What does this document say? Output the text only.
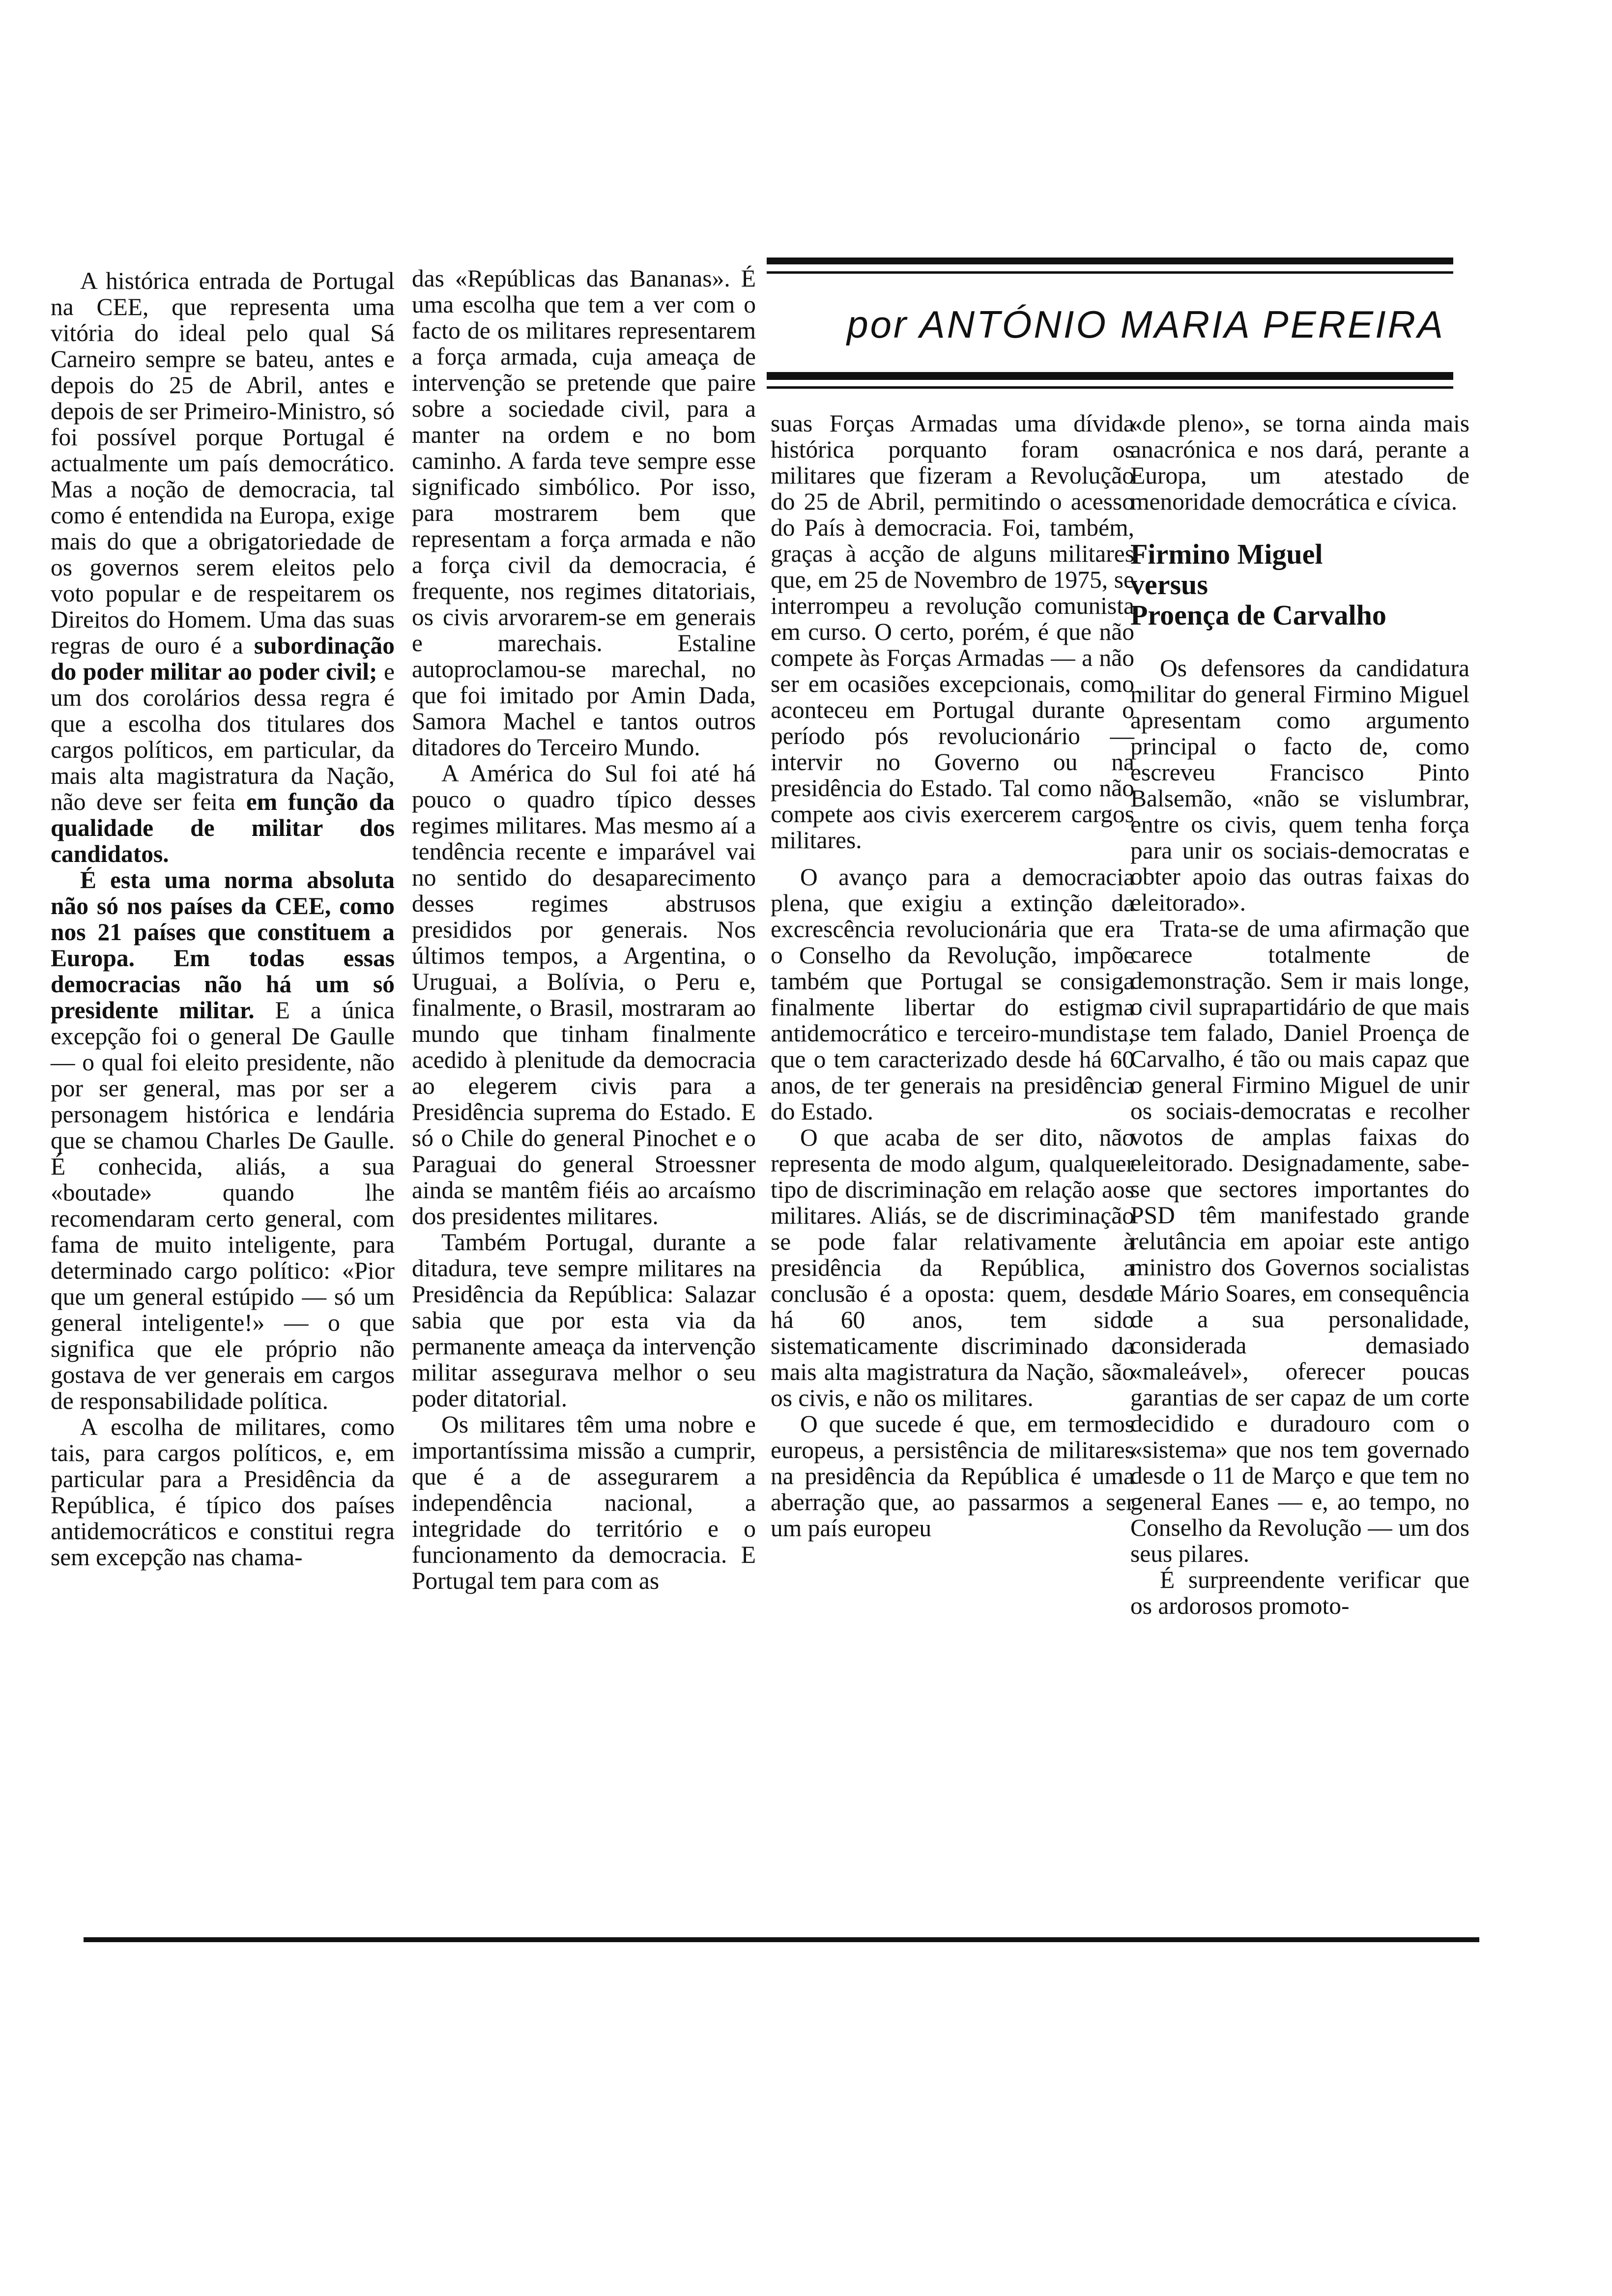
por ANTÓNIO MARIA PEREIRA

A histórica entrada de Portugal na CEE, que representa uma vitória do ideal pelo qual Sá Carneiro sempre se bateu, antes e depois do 25 de Abril, antes e depois de ser Primeiro-Ministro, só foi possível porque Portugal é actualmente um país democrático. Mas a noção de democracia, tal como é entendida na Europa, exige mais do que a obrigatoriedade de os governos serem eleitos pelo voto popular e de respeitarem os Direitos do Homem. Uma das suas regras de ouro é a subordinação do poder militar ao poder civil; e um dos corolários dessa regra é que a escolha dos titulares dos cargos políticos, em particular, da mais alta magistratura da Nação, não deve ser feita em função da qualidade de militar dos candidatos.

É esta uma norma absoluta não só nos países da CEE, como nos 21 países que constituem a Europa. Em todas essas democracias não há um só presidente militar. E a única excepção foi o general De Gaulle — o qual foi eleito presidente, não por ser general, mas por ser a personagem histórica e lendária que se chamou Charles De Gaulle. É conhecida, aliás, a sua «boutade» quando lhe recomendaram certo general, com fama de muito inteligente, para determinado cargo político: «Pior que um general estúpido — só um general inteligente!» — o que significa que ele próprio não gostava de ver generais em cargos de responsabilidade política.

A escolha de militares, como tais, para cargos políticos, e, em particular para a Presidência da República, é típico dos países antidemocráticos e constitui regra sem excepção nas chama-

das «Repúblicas das Bananas». É uma escolha que tem a ver com o facto de os militares representarem a força armada, cuja ameaça de intervenção se pretende que paire sobre a sociedade civil, para a manter na ordem e no bom caminho. A farda teve sempre esse significado simbólico. Por isso, para mostrarem bem que representam a força armada e não a força civil da democracia, é frequente, nos regimes ditatoriais, os civis arvorarem-se em generais e marechais. Estaline autoproclamou-se marechal, no que foi imitado por Amin Dada, Samora Machel e tantos outros ditadores do Terceiro Mundo.

A América do Sul foi até há pouco o quadro típico desses regimes militares. Mas mesmo aí a tendência recente e imparável vai no sentido do desaparecimento desses regimes abstrusos presididos por generais. Nos últimos tempos, a Argentina, o Uruguai, a Bolívia, o Peru e, finalmente, o Brasil, mostraram ao mundo que tinham finalmente acedido à plenitude da democracia ao elegerem civis para a Presidência suprema do Estado. E só o Chile do general Pinochet e o Paraguai do general Stroessner ainda se mantêm fiéis ao arcaísmo dos presidentes militares.

Também Portugal, durante a ditadura, teve sempre militares na Presidência da República: Salazar sabia que por esta via da permanente ameaça da intervenção militar assegurava melhor o seu poder ditatorial.

Os militares têm uma nobre e importantíssima missão a cumprir, que é a de assegurarem a independência nacional, a integridade do território e o funcionamento da democracia. E Portugal tem para com as

suas Forças Armadas uma dívida histórica porquanto foram os militares que fizeram a Revolução do 25 de Abril, permitindo o acesso do País à democracia. Foi, também, graças à acção de alguns militares que, em 25 de Novembro de 1975, se interrompeu a revolução comunista em curso. O certo, porém, é que não compete às Forças Armadas — a não ser em ocasiões excepcionais, como aconteceu em Portugal durante o período pós revolucionário — intervir no Governo ou na presidência do Estado. Tal como não compete aos civis exercerem cargos militares.

O avanço para a democracia plena, que exigiu a extinção da excrescência revolucionária que era o Conselho da Revolução, impõe também que Portugal se consiga finalmente libertar do estigma antidemocrático e terceiro-mundista, que o tem caracterizado desde há 60 anos, de ter generais na presidência do Estado.

O que acaba de ser dito, não representa de modo algum, qualquer tipo de discriminação em relação aos militares. Aliás, se de discriminação se pode falar relativamente à presidência da República, a conclusão é a oposta: quem, desde há 60 anos, tem sido sistematicamente discriminado da mais alta magistratura da Nação, são os civis, e não os militares.

O que sucede é que, em termos europeus, a persistência de militares na presidência da República é uma aberração que, ao passarmos a ser um país europeu

«de pleno», se torna ainda mais anacrónica e nos dará, perante a Europa, um atestado de menoridade democrática e cívica.

Firmino Miguel
versus
Proença de Carvalho

Os defensores da candidatura militar do general Firmino Miguel apresentam como argumento principal o facto de, como escreveu Francisco Pinto Balsemão, «não se vislumbrar, entre os civis, quem tenha força para unir os sociais-democratas e obter apoio das outras faixas do eleitorado».

Trata-se de uma afirmação que carece totalmente de demonstração. Sem ir mais longe, o civil suprapartidário de que mais se tem falado, Daniel Proença de Carvalho, é tão ou mais capaz que o general Firmino Miguel de unir os sociais-democratas e recolher votos de amplas faixas do eleitorado. Designadamente, sabe-se que sectores importantes do PSD têm manifestado grande relutância em apoiar este antigo ministro dos Governos socialistas de Mário Soares, em consequência de a sua personalidade, considerada demasiado «maleável», oferecer poucas garantias de ser capaz de um corte decidido e duradouro com o «sistema» que nos tem governado desde o 11 de Março e que tem no general Eanes — e, ao tempo, no Conselho da Revolução — um dos seus pilares.

É surpreendente verificar que os ardorosos promoto-
